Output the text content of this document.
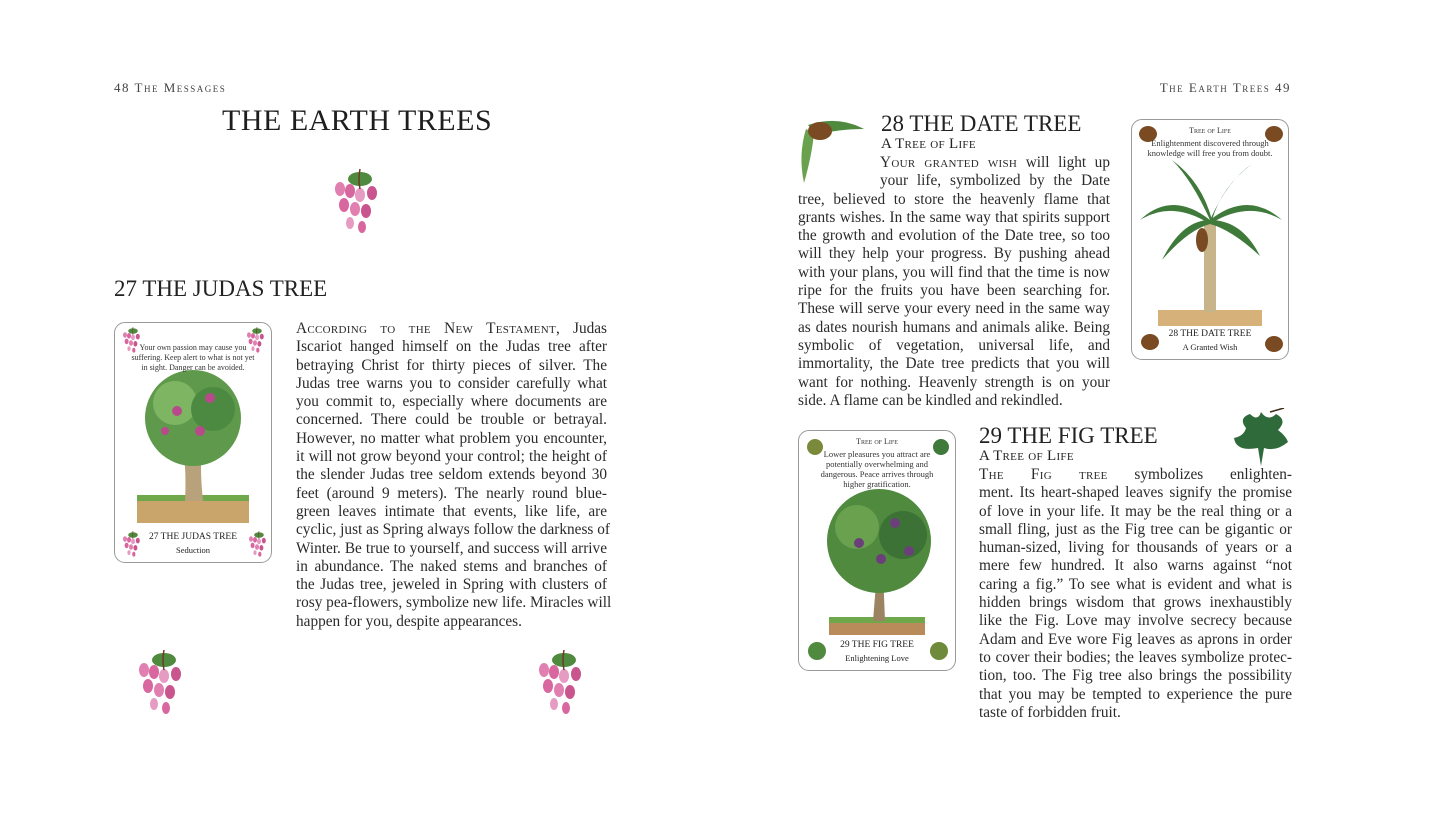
48 The Messages
THE EARTH TREES
27 THE JUDAS TREE
Your own passion may cause you suffering. Keep alert to what is not yet in sight. Danger can be avoided.
27 THE JUDAS TREE
Seduction
According to the New Testament, Judas
Iscariot hanged himself on the Judas tree after
betraying Christ for thirty pieces of silver. The
Judas tree warns you to consider carefully what
you commit to, especially where documents are
concerned. There could be trouble or betrayal.
However, no matter what problem you encounter,
it will not grow beyond your control; the height of
the slender Judas tree seldom extends beyond 30
feet (around 9 meters). The nearly round blue-
green leaves intimate that events, like life, are
cyclic, just as Spring always follow the darkness of
Winter. Be true to yourself, and success will arrive
in abundance. The naked stems and branches of
the Judas tree, jeweled in Spring with clusters of
rosy pea-flowers, symbolize new life. Miracles will
happen for you, despite appearances.
The Earth Trees 49
28 THE DATE TREE
A Tree of Life
Your granted wish will light up
your life, symbolized by the Date
tree, believed to store the heavenly flame that
grants wishes. In the same way that spirits support
the growth and evolution of the Date tree, so too
will they help your progress. By pushing ahead
with your plans, you will find that the time is now
ripe for the fruits you have been searching for.
These will serve your every need in the same way
as dates nourish humans and animals alike. Being
symbolic of vegetation, universal life, and
immortality, the Date tree predicts that you will
want for nothing. Heavenly strength is on your
side. A flame can be kindled and rekindled.
Tree of Life
Enlightenment discovered through knowledge will free you from doubt.
28 THE DATE TREE
A Granted Wish
Tree of Life
Lower pleasures you attract are potentially overwhelming and dangerous. Peace arrives through higher gratification.
29 THE FIG TREE
Enlightening Love
29 THE FIG TREE
A Tree of Life
The Fig tree symbolizes enlighten-
ment. Its heart-shaped leaves signify the promise
of love in your life. It may be the real thing or a
small fling, just as the Fig tree can be gigantic or
human-sized, living for thousands of years or a
mere few hundred. It also warns against “not
caring a fig.” To see what is evident and what is
hidden brings wisdom that grows inexhaustibly
like the Fig. Love may involve secrecy because
Adam and Eve wore Fig leaves as aprons in order
to cover their bodies; the leaves symbolize protec-
tion, too. The Fig tree also brings the possibility
that you may be tempted to experience the pure
taste of forbidden fruit.
